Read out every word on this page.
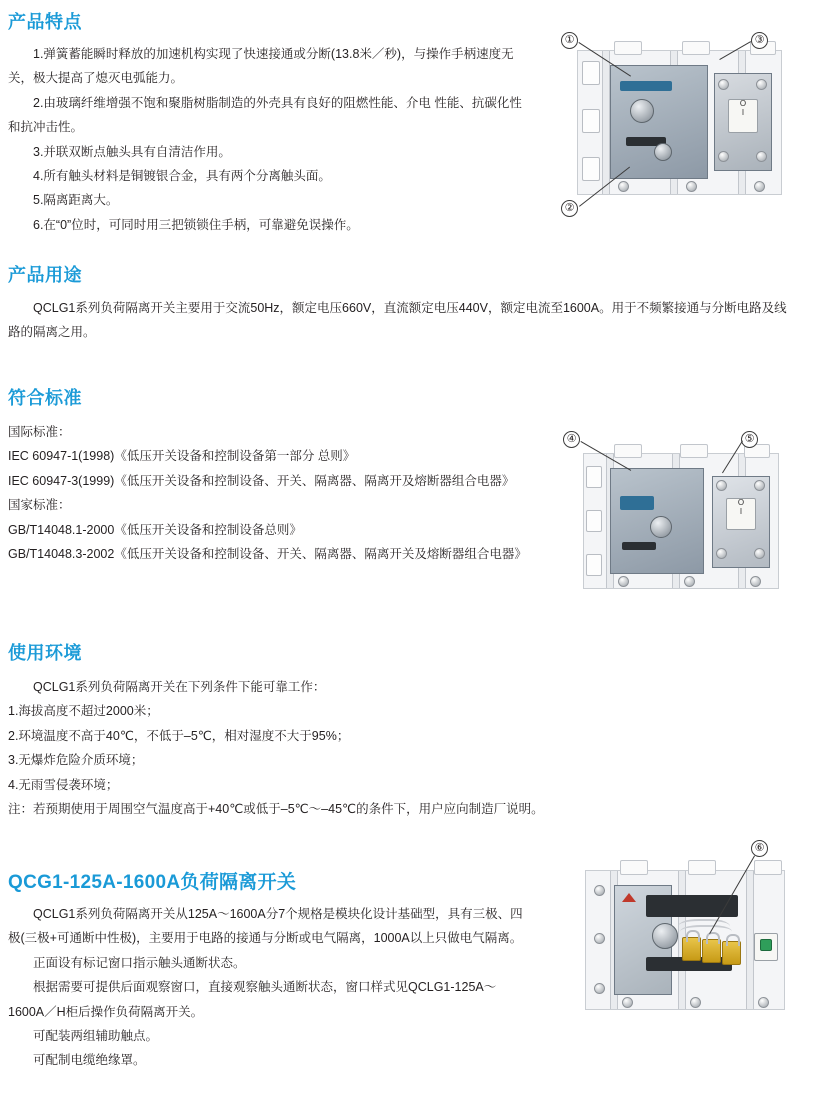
产品特点

1.弹簧蓄能瞬时释放的加速机构实现了快速接通或分断(13.8米／秒)，与操作手柄速度无关，极大提高了熄灭电弧能力。

2.由玻璃纤维增强不饱和聚脂树脂制造的外壳具有良好的阻燃性能、介电 性能、抗碳化性和抗冲击性。

3.并联双断点触头具有自清洁作用。

4.所有触头材料是铜镀银合金，具有两个分离触头面。

5.隔离距离大。

6.在“0”位时，可同时用三把锁锁住手柄，可靠避免误操作。

O
I
①	③
②
产品用途

QCLG1系列负荷隔离开关主要用于交流50Hz，额定电压660V，直流额定电压440V，额定电流至1600A。用于不频繁接通与分断电路及线路的隔离之用。

符合标准

国际标准：

IEC 60947-1(1998)《低压开关设备和控制设备第一部分 总则》

IEC 60947-3(1999)《低压开关设备和控制设备、开关、隔离器、隔离开及熔断器组合电器》

国家标准：

GB/T14048.1-2000《低压开关设备和控制设备总则》

GB/T14048.3-2002《低压开关设备和控制设备、开关、隔离器、隔离开关及熔断器组合电器》

O
I
④	⑤
使用环境

QCLG1系列负荷隔离开关在下列条件下能可靠工作：

1.海拔高度不超过2000米；

2.环境温度不高于40℃，不低于–5℃，相对湿度不大于95%；

3.无爆炸危险介质环境；

4.无雨雪侵袭环境；

注：若预期使用于周围空气温度高于+40℃或低于–5℃～–45℃的条件下，用户应向制造厂说明。

QCG1-125A-1600A负荷隔离开关

QCLG1系列负荷隔离开关从125A～1600A分7个规格是模块化设计基础型，具有三极、四极(三极+可通断中性极)，主要用于电路的接通与分断或电气隔离，1000A以上只做电气隔离。

正面设有标记窗口指示触头通断状态。

根据需要可提供后面观察窗口，直接观察触头通断状态，窗口样式见QCLG1-125A～1600A／H柜后操作负荷隔离开关。

可配装两组辅助触点。

可配制电缆绝缘罩。

⑥
